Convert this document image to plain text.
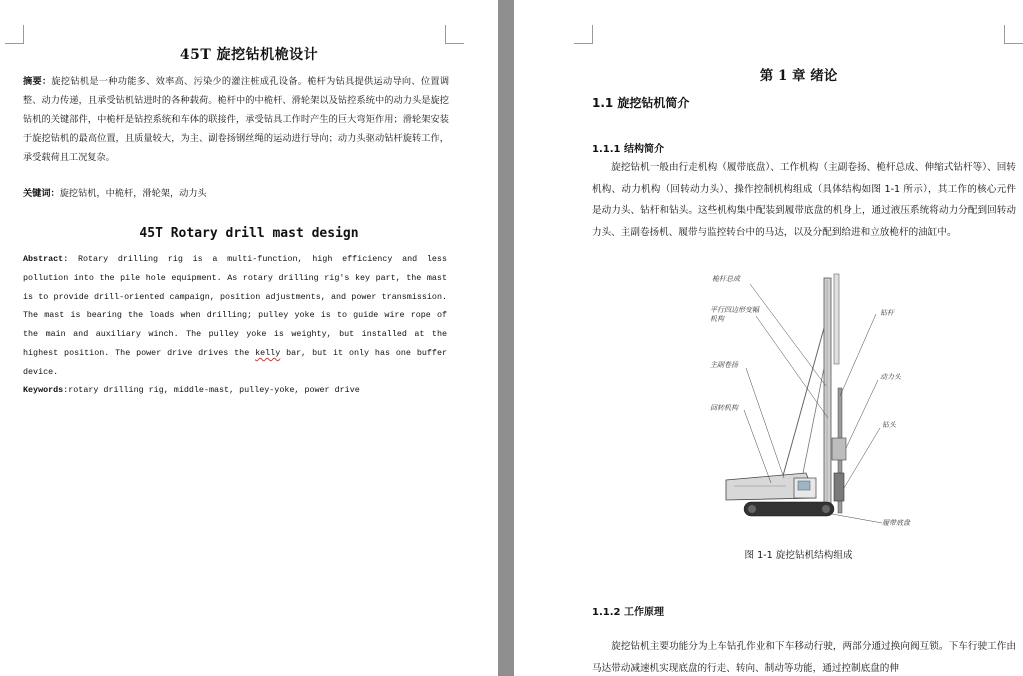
45T 旋挖钻机桅设计
摘要：旋挖钻机是一种功能多、效率高、污染少的灌注桩成孔设备。桅杆为钻具提供运动导向、位置调整、动力传递，且承受钻机钻进时的各种载荷。桅杆中的中桅杆、滑轮架以及钻控系统中的动力头是旋挖钻机的关键部件，中桅杆是钻控系统和车体的联接件，承受钻具工作时产生的巨大弯矩作用；滑轮架安装于旋挖钻机的最高位置，且质量较大，为主、副卷扬钢丝绳的运动进行导向；动力头驱动钻杆旋转工作，承受载荷且工况复杂。
关键词：旋挖钻机，中桅杆，滑轮架，动力头
45T Rotary drill mast design
Abstract: Rotary drilling rig is a multi-function, high efficiency and less pollution into the pile hole equipment. As rotary drilling rig's key part, the mast is to provide drill-oriented campaign, position adjustments, and power transmission. The mast is bearing the loads when drilling; pulley yoke is to guide wire rope of the main and auxiliary winch. The pulley yoke is weighty, but installed at the highest position. The power drive drives the kelly bar, but it only has one buffer device.
Keywords:rotary drilling rig, middle-mast, pulley-yoke, power drive
第 1 章 绪论
1.1 旋挖钻机简介
1.1.1 结构简介
旋挖钻机一般由行走机构（履带底盘）、工作机构（主副卷扬、桅杆总成、伸缩式钻杆等）、回转机构、动力机构（回转动力头）、操作控制机构组成（具体结构如图 1-1 所示），其工作的核心元件是动力头、钻杆和钻头。这些机构集中配装到履带底盘的机身上，通过液压系统将动力分配到回转动力头、主副卷扬机、履带与监控转台中的马达，以及分配到给进和立放桅杆的油缸中。
桅杆总成
平行四边形变幅机构
主副卷扬
回转机构
钻杆
动力头
钻头
履带底盘
图 1-1 旋挖钻机结构组成
1.1.2 工作原理
旋挖钻机主要功能分为上车钻孔作业和下车移动行驶，两部分通过换向阀互锁。下车行驶工作由马达带动减速机实现底盘的行走、转向、制动等功能，通过控制底盘的伸
